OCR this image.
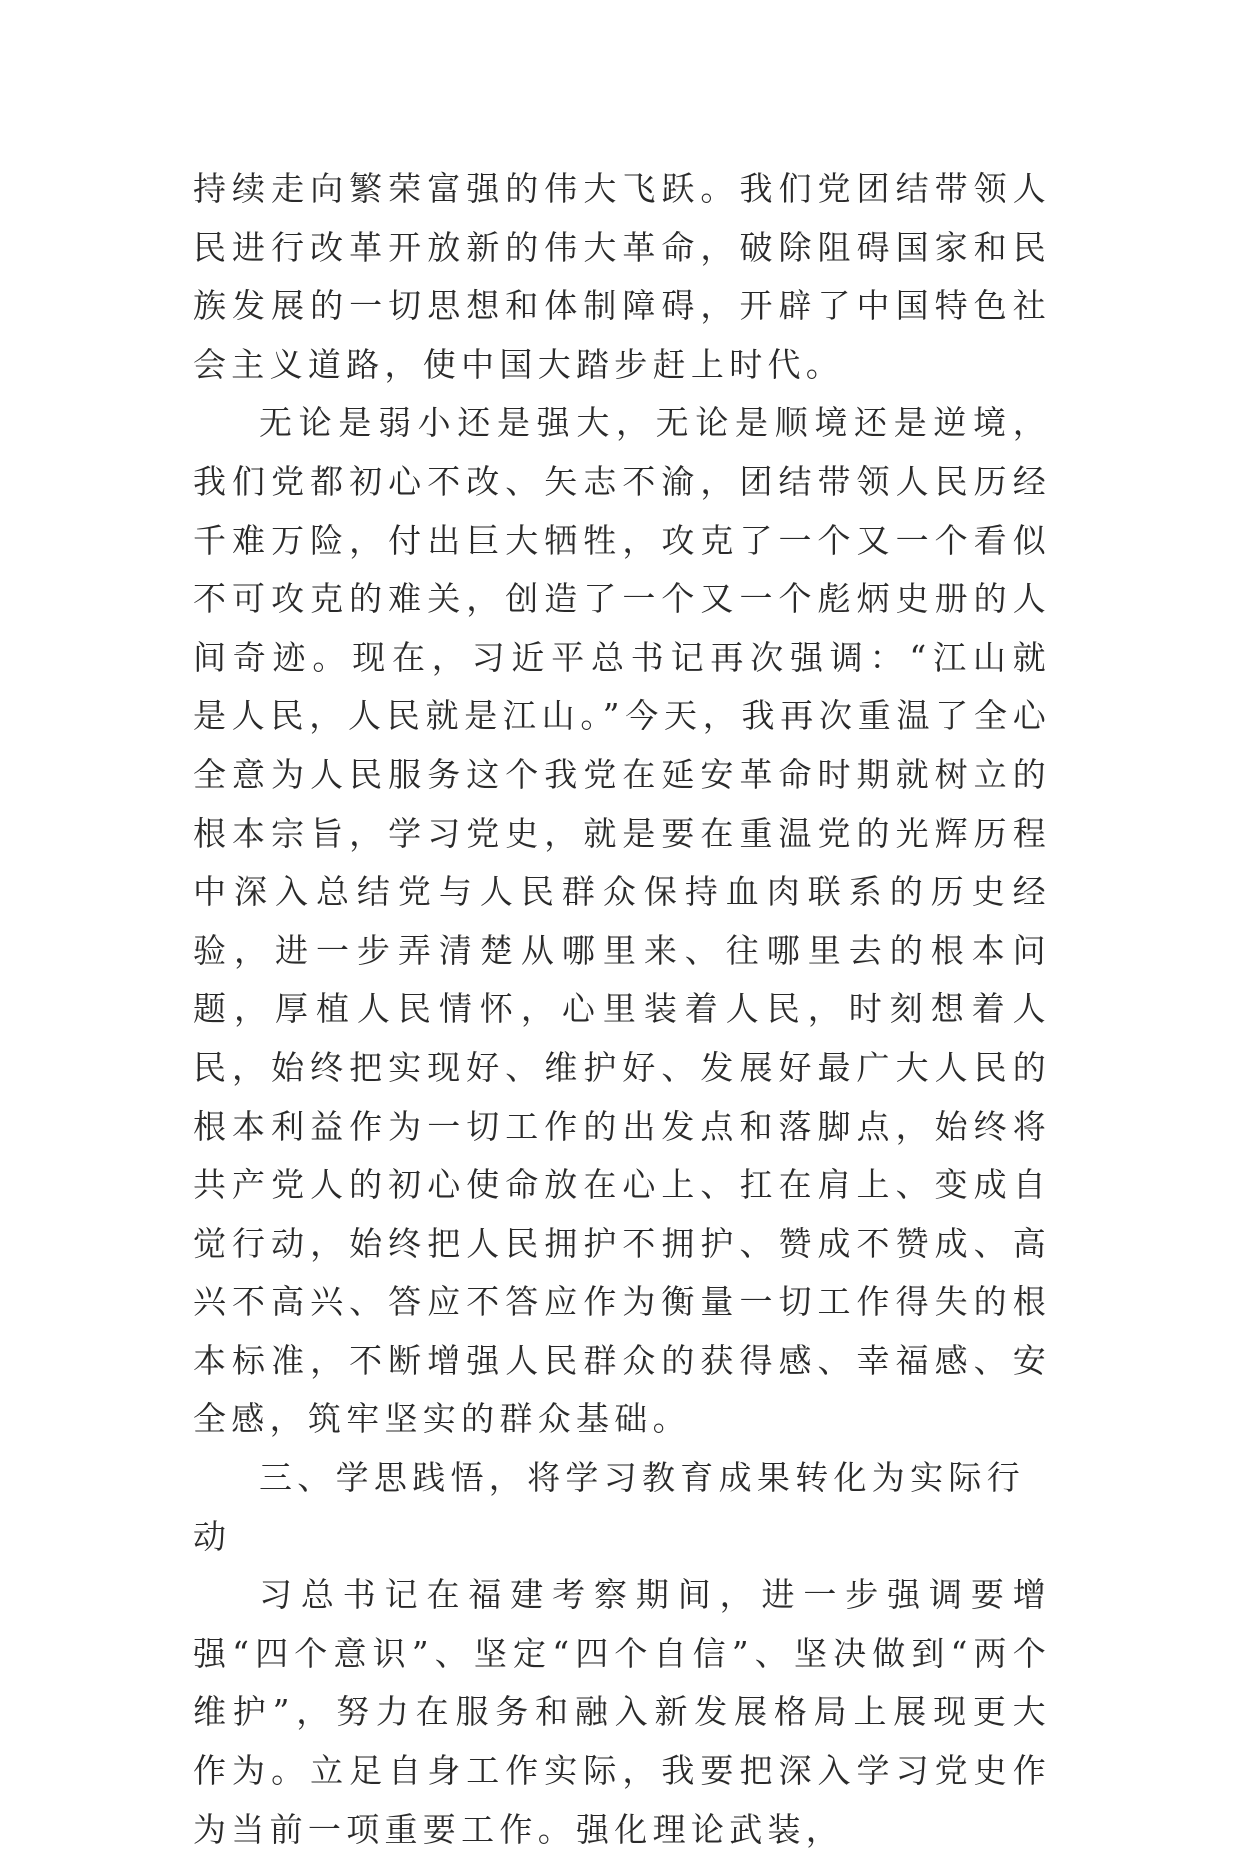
持续走向繁荣富强的伟大飞跃。我们党团结带领人民进行改革开放新的伟大革命，破除阻碍国家和民族发展的一切思想和体制障碍，开辟了中国特色社会主义道路，使中国大踏步赶上时代。

无论是弱小还是强大，无论是顺境还是逆境，我们党都初心不改、矢志不渝，团结带领人民历经千难万险，付出巨大牺牲，攻克了一个又一个看似不可攻克的难关，创造了一个又一个彪炳史册的人间奇迹。现在，习近平总书记再次强调：“江山就是人民，人民就是江山。”今天，我再次重温了全心全意为人民服务这个我党在延安革命时期就树立的根本宗旨，学习党史，就是要在重温党的光辉历程中深入总结党与人民群众保持血肉联系的历史经验，进一步弄清楚从哪里来、往哪里去的根本问题，厚植人民情怀，心里装着人民，时刻想着人民，始终把实现好、维护好、发展好最广大人民的根本利益作为一切工作的出发点和落脚点，始终将共产党人的初心使命放在心上、扛在肩上、变成自觉行动，始终把人民拥护不拥护、赞成不赞成、高兴不高兴、答应不答应作为衡量一切工作得失的根本标准，不断增强人民群众的获得感、幸福感、安全感，筑牢坚实的群众基础。

三、学思践悟，将学习教育成果转化为实际行动

习总书记在福建考察期间，进一步强调要增强“四个意识”、坚定“四个自信”、坚决做到“两个维护”，努力在服务和融入新发展格局上展现更大作为。立足自身工作实际，我要把深入学习党史作为当前一项重要工作。强化理论武装，
